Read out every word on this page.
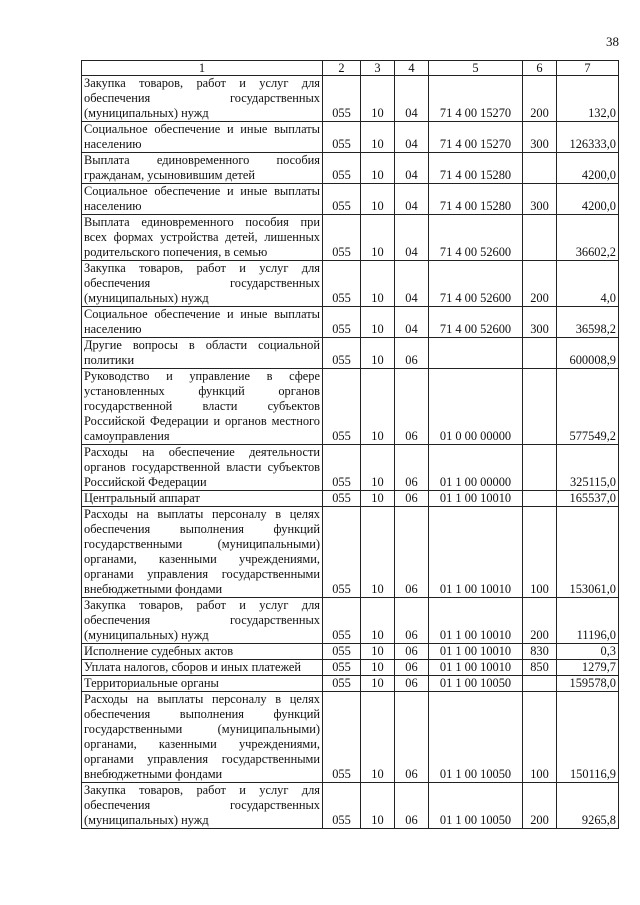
38
1	2	3	4	5	6	7
Закупка товаров, работ и услуг для обеспечения государственных (муниципальных) нужд	055	10	04	71 4 00 15270	200	132,0
Социальное обеспечение и иные выплаты населению	055	10	04	71 4 00 15270	300	126333,0
Выплата единовременного пособия гражданам, усыновившим детей	055	10	04	71 4 00 15280		4200,0
Социальное обеспечение и иные выплаты населению	055	10	04	71 4 00 15280	300	4200,0
Выплата единовременного пособия при всех формах устройства детей, лишенных родительского попечения, в семью	055	10	04	71 4 00 52600		36602,2
Закупка товаров, работ и услуг для обеспечения государственных (муниципальных) нужд	055	10	04	71 4 00 52600	200	4,0
Социальное обеспечение и иные выплаты населению	055	10	04	71 4 00 52600	300	36598,2
Другие вопросы в области социальной политики	055	10	06			600008,9
Руководство и управление в сфере установленных функций органов государственной власти субъектов Российской Федерации и органов местного самоуправления	055	10	06	01 0 00 00000		577549,2
Расходы на обеспечение деятельности органов государственной власти субъектов Российской Федерации	055	10	06	01 1 00 00000		325115,0
Центральный аппарат	055	10	06	01 1 00 10010		165537,0
Расходы на выплаты персоналу в целях обеспечения выполнения функций государственными (муниципальными) органами, казенными учреждениями, органами управления государственными внебюджетными фондами	055	10	06	01 1 00 10010	100	153061,0
Закупка товаров, работ и услуг для обеспечения государственных (муниципальных) нужд	055	10	06	01 1 00 10010	200	11196,0
Исполнение судебных актов	055	10	06	01 1 00 10010	830	0,3
Уплата налогов, сборов и иных платежей	055	10	06	01 1 00 10010	850	1279,7
Территориальные органы	055	10	06	01 1 00 10050		159578,0
Расходы на выплаты персоналу в целях обеспечения выполнения функций государственными (муниципальными) органами, казенными учреждениями, органами управления государственными внебюджетными фондами	055	10	06	01 1 00 10050	100	150116,9
Закупка товаров, работ и услуг для обеспечения государственных (муниципальных) нужд	055	10	06	01 1 00 10050	200	9265,8
